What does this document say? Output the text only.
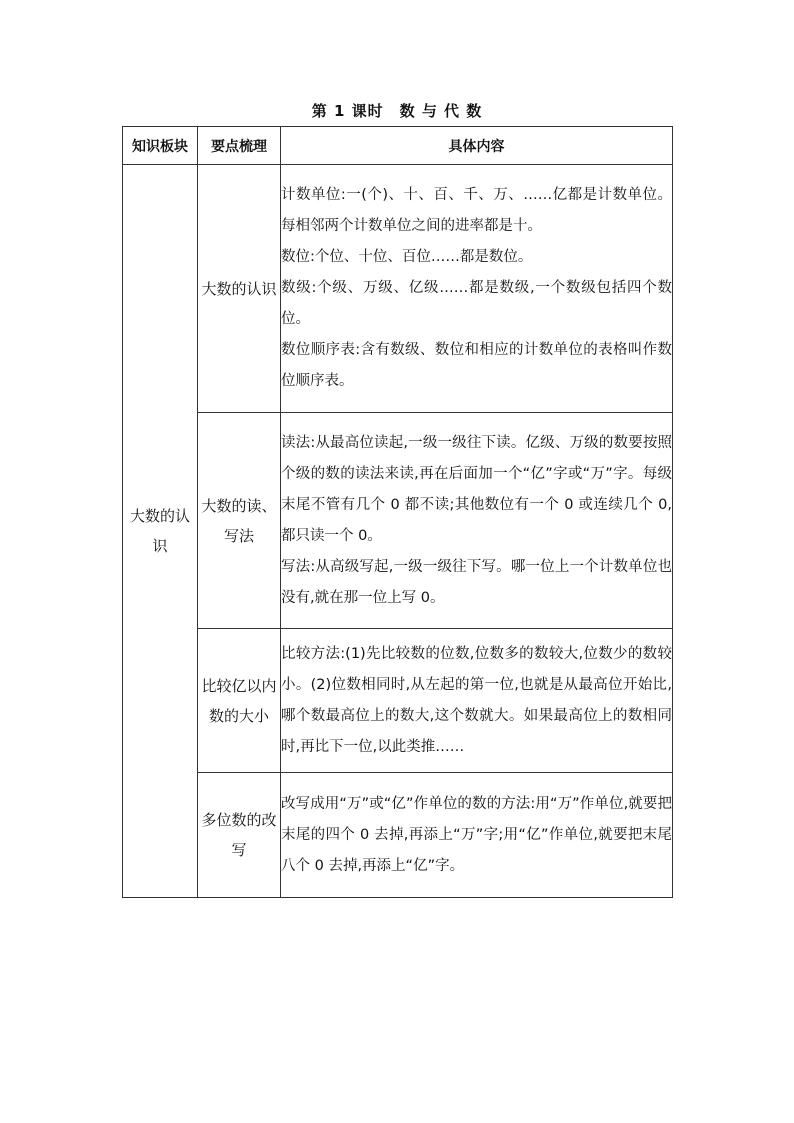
第 1 课时　数 与 代 数
知识板块	要点梳理	具体内容
大数的认识	大数的认识	计数单位:一(个)、十、百、千、万、……亿都是计数单位。每相邻两个计数单位之间的进率都是十。

数位:个位、十位、百位……都是数位。

数级:个级、万级、亿级……都是数级,一个数级包括四个数位。

数位顺序表:含有数级、数位和相应的计数单位的表格叫作数位顺序表。

	大数的读、写法	读法:从最高位读起,一级一级往下读。亿级、万级的数要按照个级的数的读法来读,再在后面加一个“亿”字或“万”字。每级末尾不管有几个 0 都不读;其他数位有一个 0 或连续几个 0,都只读一个 0。

写法:从高级写起,一级一级往下写。哪一位上一个计数单位也没有,就在那一位上写 0。

	比较亿以内数的大小	比较方法:(1)先比较数的位数,位数多的数较大,位数少的数较小。(2)位数相同时,从左起的第一位,也就是从最高位开始比,哪个数最高位上的数大,这个数就大。如果最高位上的数相同时,再比下一位,以此类推……

	多位数的改写	改写成用“万”或“亿”作单位的数的方法:用“万”作单位,就要把末尾的四个 0 去掉,再添上“万”字;用“亿”作单位,就要把末尾八个 0 去掉,再添上“亿”字。
